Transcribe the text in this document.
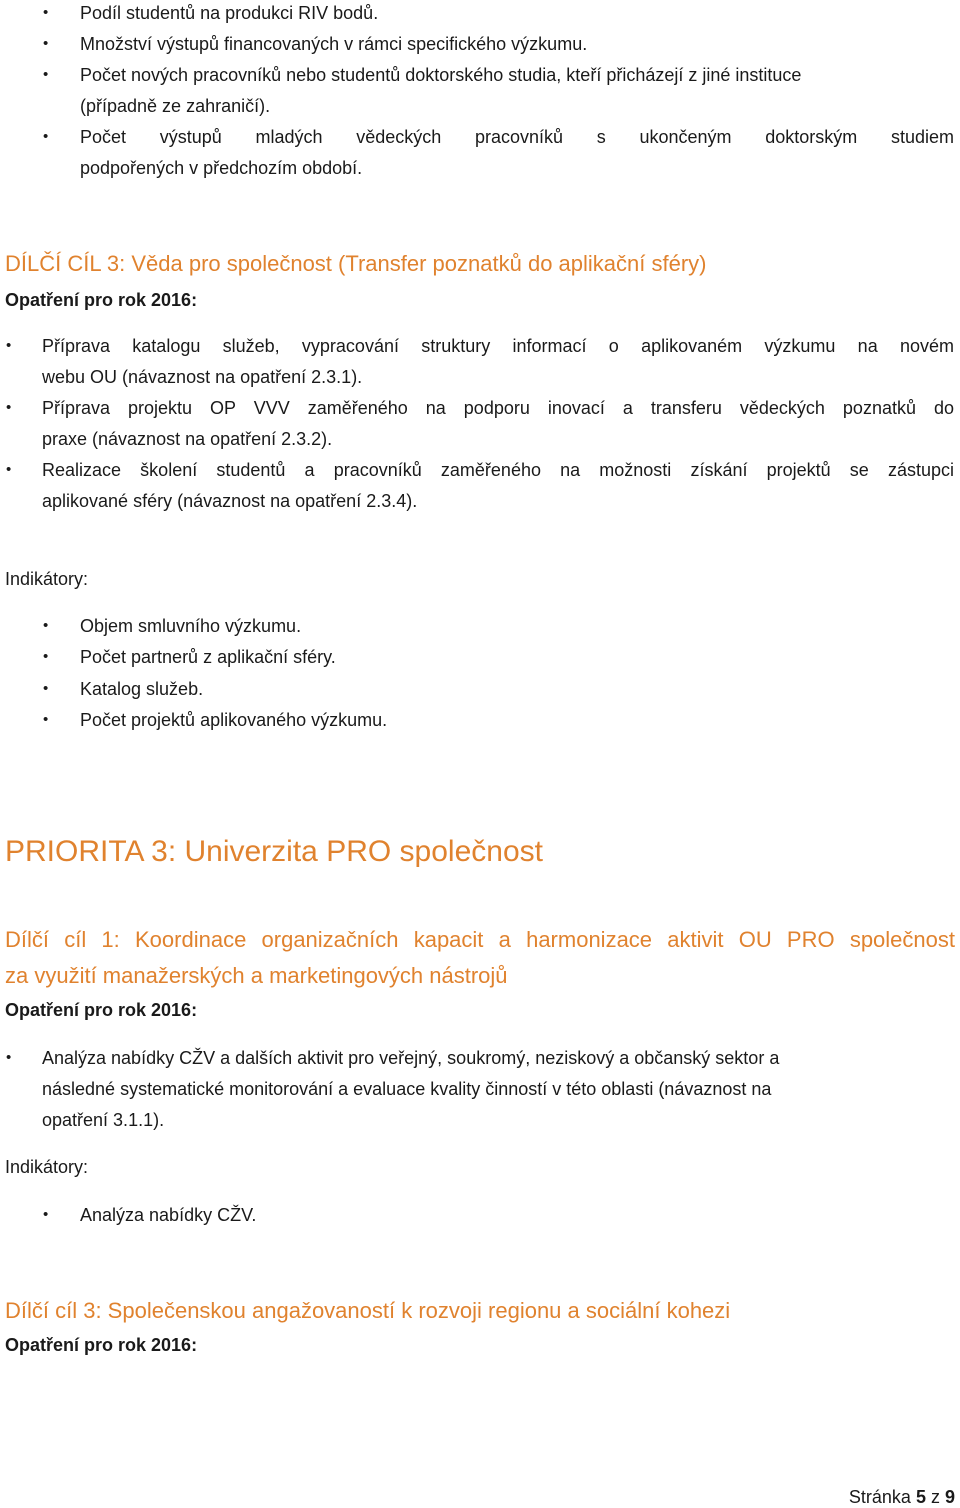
• Podíl studentů na produkci RIV bodů.
• Množství výstupů financovaných v rámci specifického výzkumu.
• Počet nových pracovníků nebo studentů doktorského studia, kteří přicházejí z jiné instituce
(případně ze zahraničí).
• Počet výstupů mladých vědeckých pracovníků s ukončeným doktorským studiem
podpořených v předchozím období.
DÍLČÍ CÍL 3: Věda pro společnost (Transfer poznatků do aplikační sféry)
Opatření pro rok 2016:
• Příprava katalogu služeb, vypracování struktury informací o aplikovaném výzkumu na novém
webu OU (návaznost na opatření 2.3.1).
• Příprava projektu OP VVV zaměřeného na podporu inovací a transferu vědeckých poznatků do
praxe (návaznost na opatření 2.3.2).
• Realizace školení studentů a pracovníků zaměřeného na možnosti získání projektů se zástupci
aplikované sféry (návaznost na opatření 2.3.4).
Indikátory:
• Objem smluvního výzkumu.
• Počet partnerů z aplikační sféry.
• Katalog služeb.
• Počet projektů aplikovaného výzkumu.
PRIORITA 3: Univerzita PRO společnost
Dílčí cíl 1: Koordinace organizačních kapacit a harmonizace aktivit OU PRO společnost
za využití manažerských a marketingových nástrojů
Opatření pro rok 2016:
• Analýza nabídky CŽV a dalších aktivit pro veřejný, soukromý, neziskový a občanský sektor a
následné systematické monitorování a evaluace kvality činností v této oblasti (návaznost na
opatření 3.1.1).
Indikátory:
• Analýza nabídky CŽV.
Dílčí cíl 3: Společenskou angažovaností k rozvoji regionu a sociální kohezi
Opatření pro rok 2016:
Stránka 5 z 9
